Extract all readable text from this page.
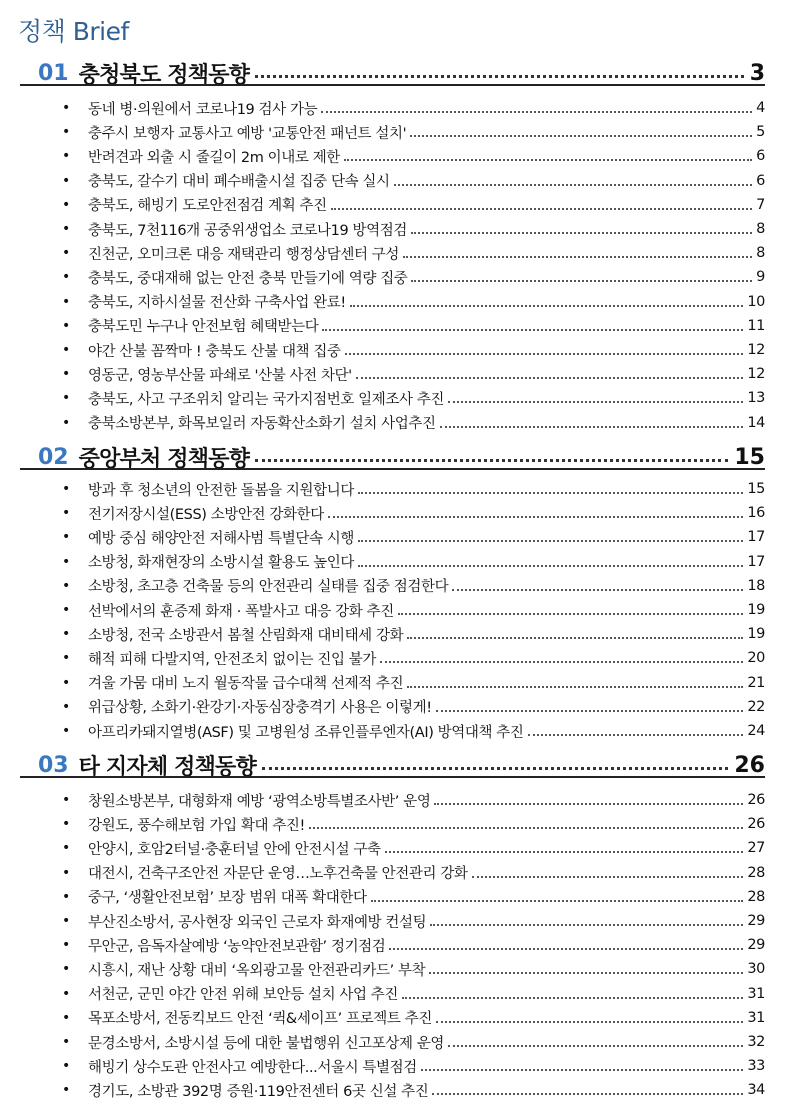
정책 Brief
01 충청북도 정책동향	3
•	동네 병·의원에서 코로나19 검사 가능	4
•	충주시 보행자 교통사고 예방 '교통안전 패넌트 설치'	5
•	반려견과 외출 시 줄길이 2m 이내로 제한	6
•	충북도, 갈수기 대비 폐수배출시설 집중 단속 실시	6
•	충북도, 해빙기 도로안전점검 계획 추진	7
•	충북도, 7천116개 공중위생업소 코로나19 방역점검	8
•	진천군, 오미크론 대응 재택관리 행정상담센터 구성	8
•	충북도, 중대재해 없는 안전 충북 만들기에 역량 집중	9
•	충북도, 지하시설물 전산화 구축사업 완료!	10
•	충북도민 누구나 안전보험 혜택받는다	11
•	야간 산불 꼼짝마 ! 충북도 산불 대책 집중	12
•	영동군, 영농부산물 파쇄로 '산불 사전 차단'	12
•	충북도, 사고 구조위치 알리는 국가지점번호 일제조사 추진	13
•	충북소방본부, 화목보일러 자동확산소화기 설치 사업추진	14
02 중앙부처 정책동향	15
•	방과 후 청소년의 안전한 돌봄을 지원합니다	15
•	전기저장시설(ESS) 소방안전 강화한다	16
•	예방 중심 해양안전 저해사범 특별단속 시행	17
•	소방청, 화재현장의 소방시설 활용도 높인다	17
•	소방청, 초고층 건축물 등의 안전관리 실태를 집중 점검한다	18
•	선박에서의 훈증제 화재 · 폭발사고 대응 강화 추진	19
•	소방청, 전국 소방관서 봄철 산림화재 대비태세 강화	19
•	해적 피해 다발지역, 안전조치 없이는 진입 불가	20
•	겨울 가뭄 대비 노지 월동작물 급수대책 선제적 추진	21
•	위급상황, 소화기·완강기·자동심장충격기 사용은 이렇게!	22
•	아프리카돼지열병(ASF) 및 고병원성 조류인플루엔자(AI) 방역대책 추진	24
03 타 지자체 정책동향	26
•	창원소방본부, 대형화재 예방 ‘광역소방특별조사반’ 운영	26
•	강원도, 풍수해보험 가입 확대 추진!	26
•	안양시, 호암2터널·충훈터널 안에 안전시설 구축	27
•	대전시, 건축구조안전 자문단 운영…노후건축물 안전관리 강화	28
•	중구, ‘생활안전보험’ 보장 범위 대폭 확대한다	28
•	부산진소방서, 공사현장 외국인 근로자 화재예방 컨설팅	29
•	무안군, 음독자살예방 ‘농약안전보관함’ 정기점검	29
•	시흥시, 재난 상황 대비 ‘옥외광고물 안전관리카드’ 부착	30
•	서천군, 군민 야간 안전 위해 보안등 설치 사업 추진	31
•	목포소방서, 전동킥보드 안전 ‘퀵&세이프’ 프로젝트 추진	31
•	문경소방서, 소방시설 등에 대한 불법행위 신고포상제 운영	32
•	해빙기 상수도관 안전사고 예방한다...서울시 특별점검	33
•	경기도, 소방관 392명 증원·119안전센터 6곳 신설 추진	34
